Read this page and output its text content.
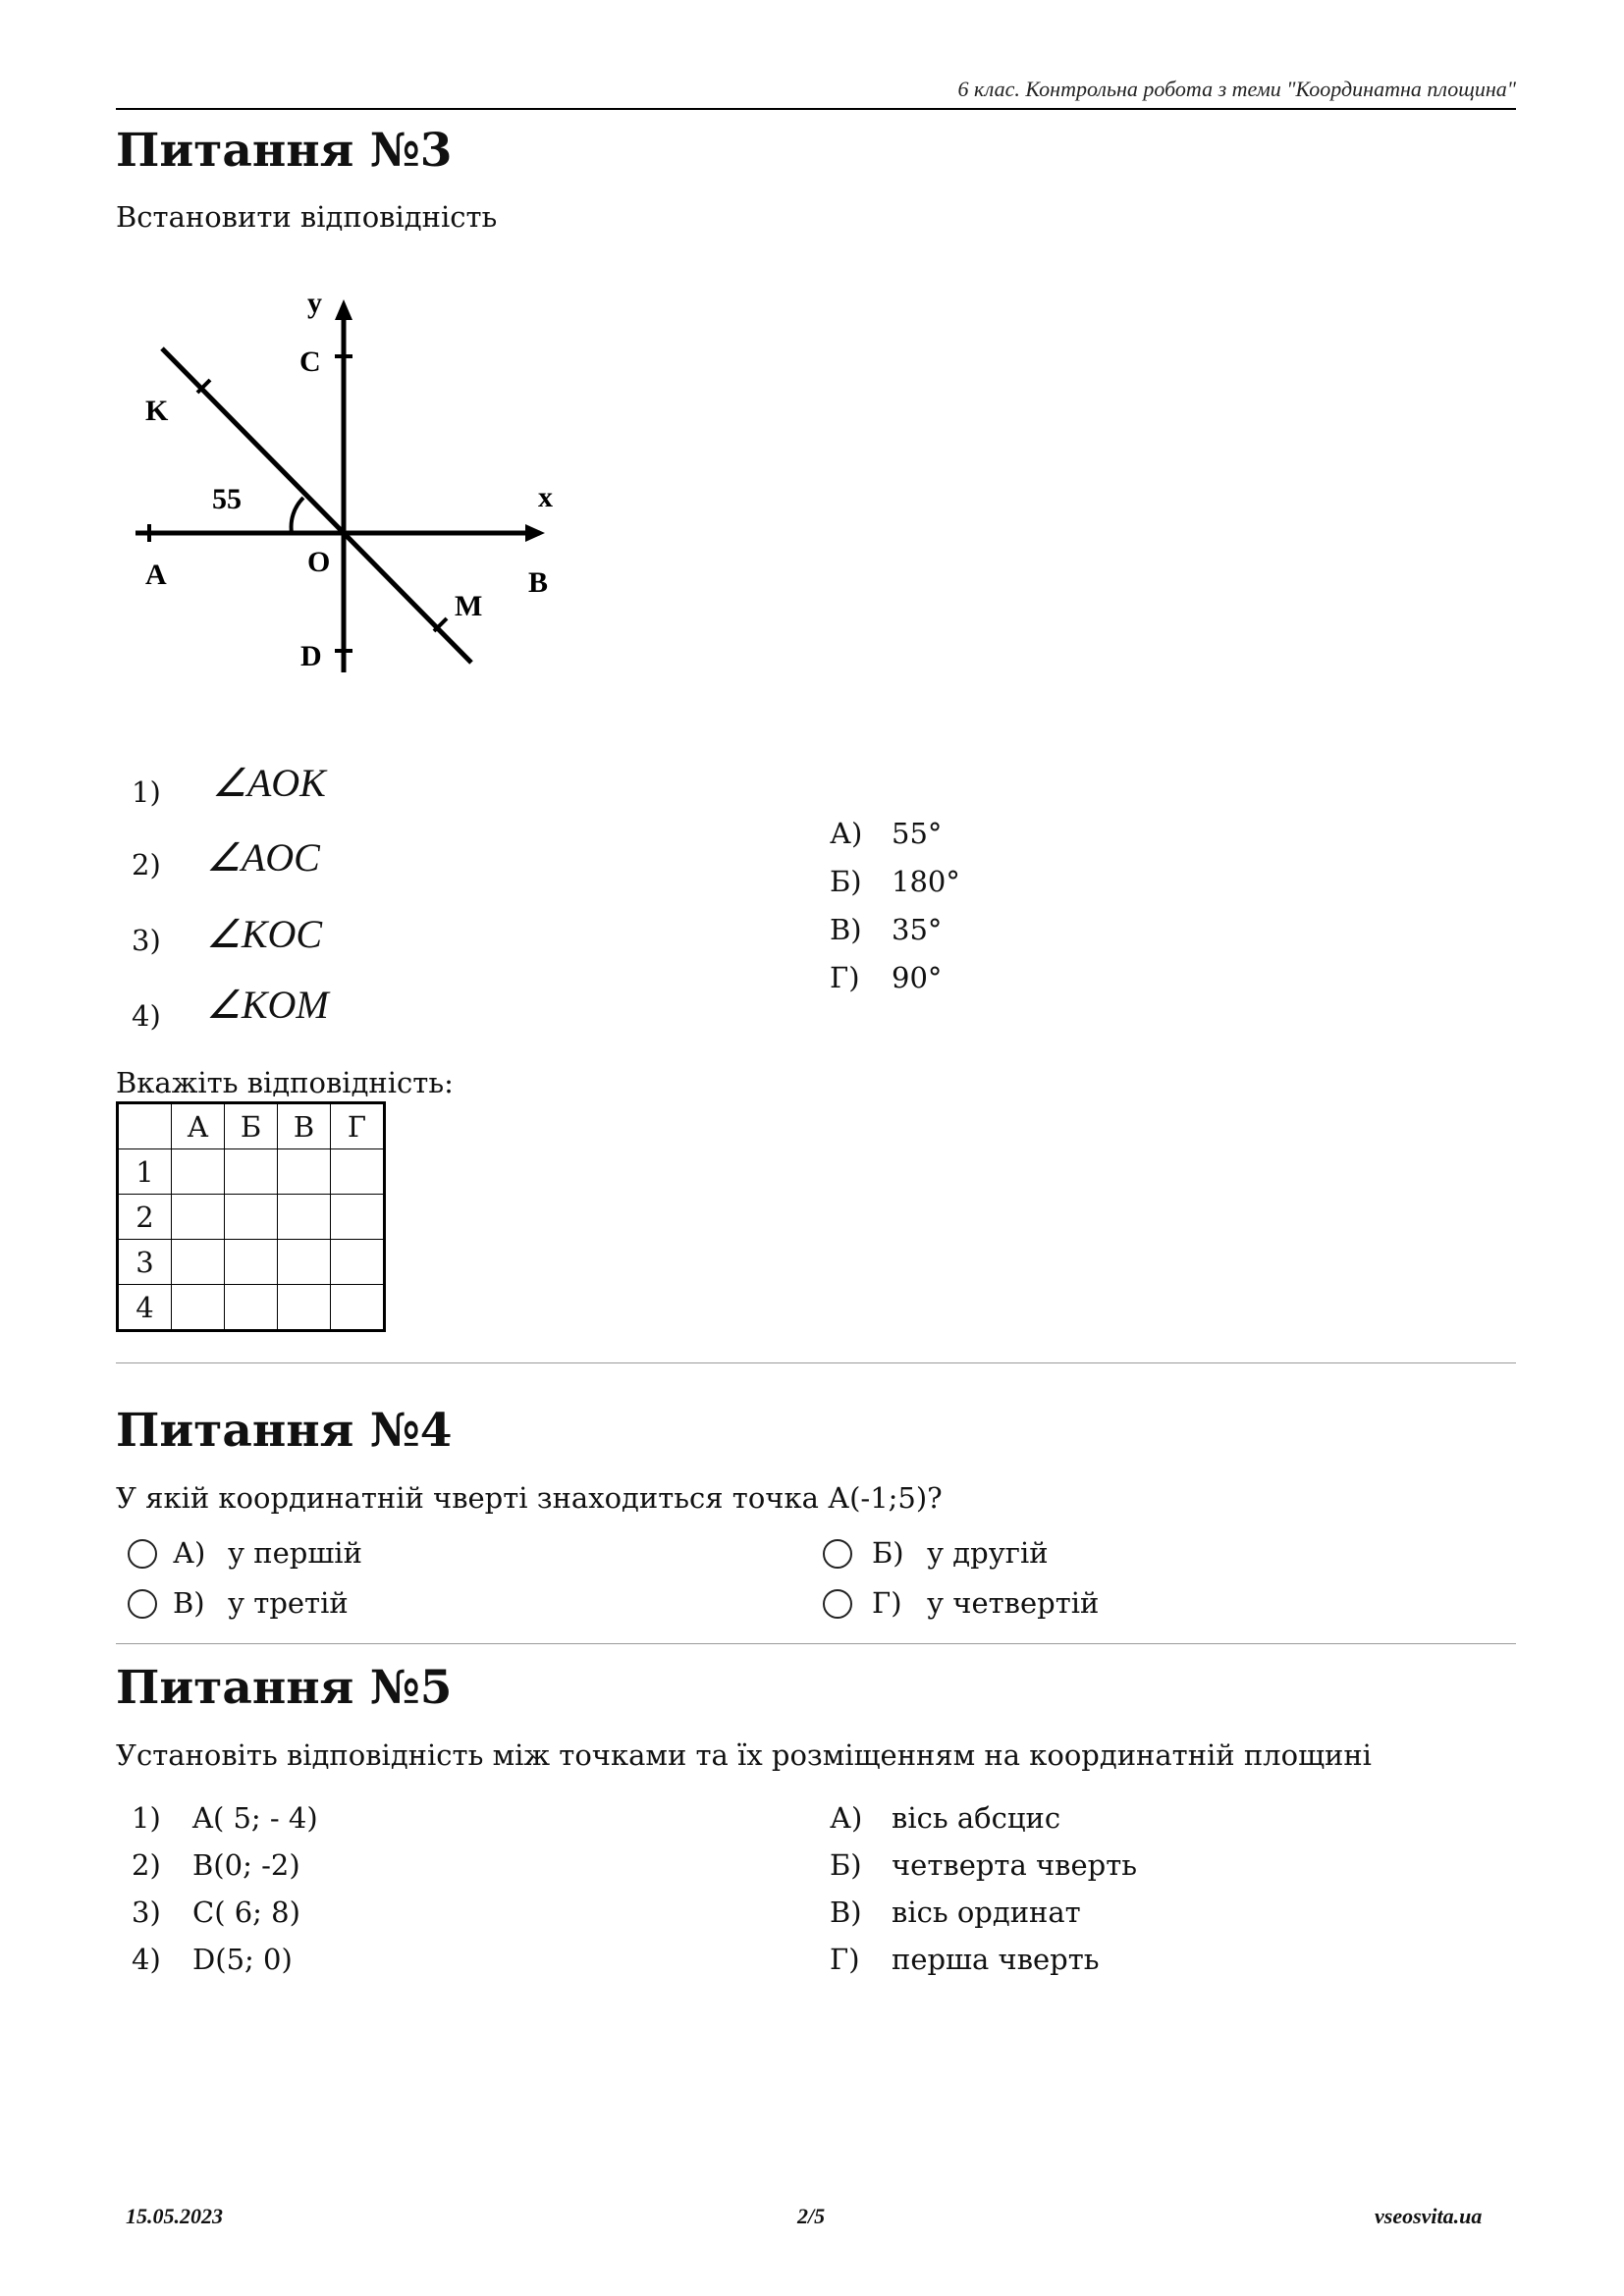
6 клас. Контрольна робота з теми "Координатна площина"
Питання №3
Встановити відповідність
y
x
C
K
55
A	O
B
M
D
1) ∠AOK
2) ∠AOC
3) ∠KOC
4) ∠KOM
А) 55°
Б) 180°
В) 35°
Г) 90°
Вкажіть відповідність:
	А	Б	В	Г
1				
2				
3				
4				
Питання №4
У якій координатній чверті знаходиться точка А(-1;5)?
А) у першій	Б) у другій
В) у третій	Г) у четвертій
Питання №5
Установіть відповідність між точками та їх розміщенням на координатній площині
1) A( 5; - 4)
2) B(0; -2)
3) C( 6; 8)
4) D(5; 0)
А) вісь абсцис
Б) четверта чверть
В) вісь ординат
Г) перша чверть
15.05.2023	2/5	vseosvita.ua
